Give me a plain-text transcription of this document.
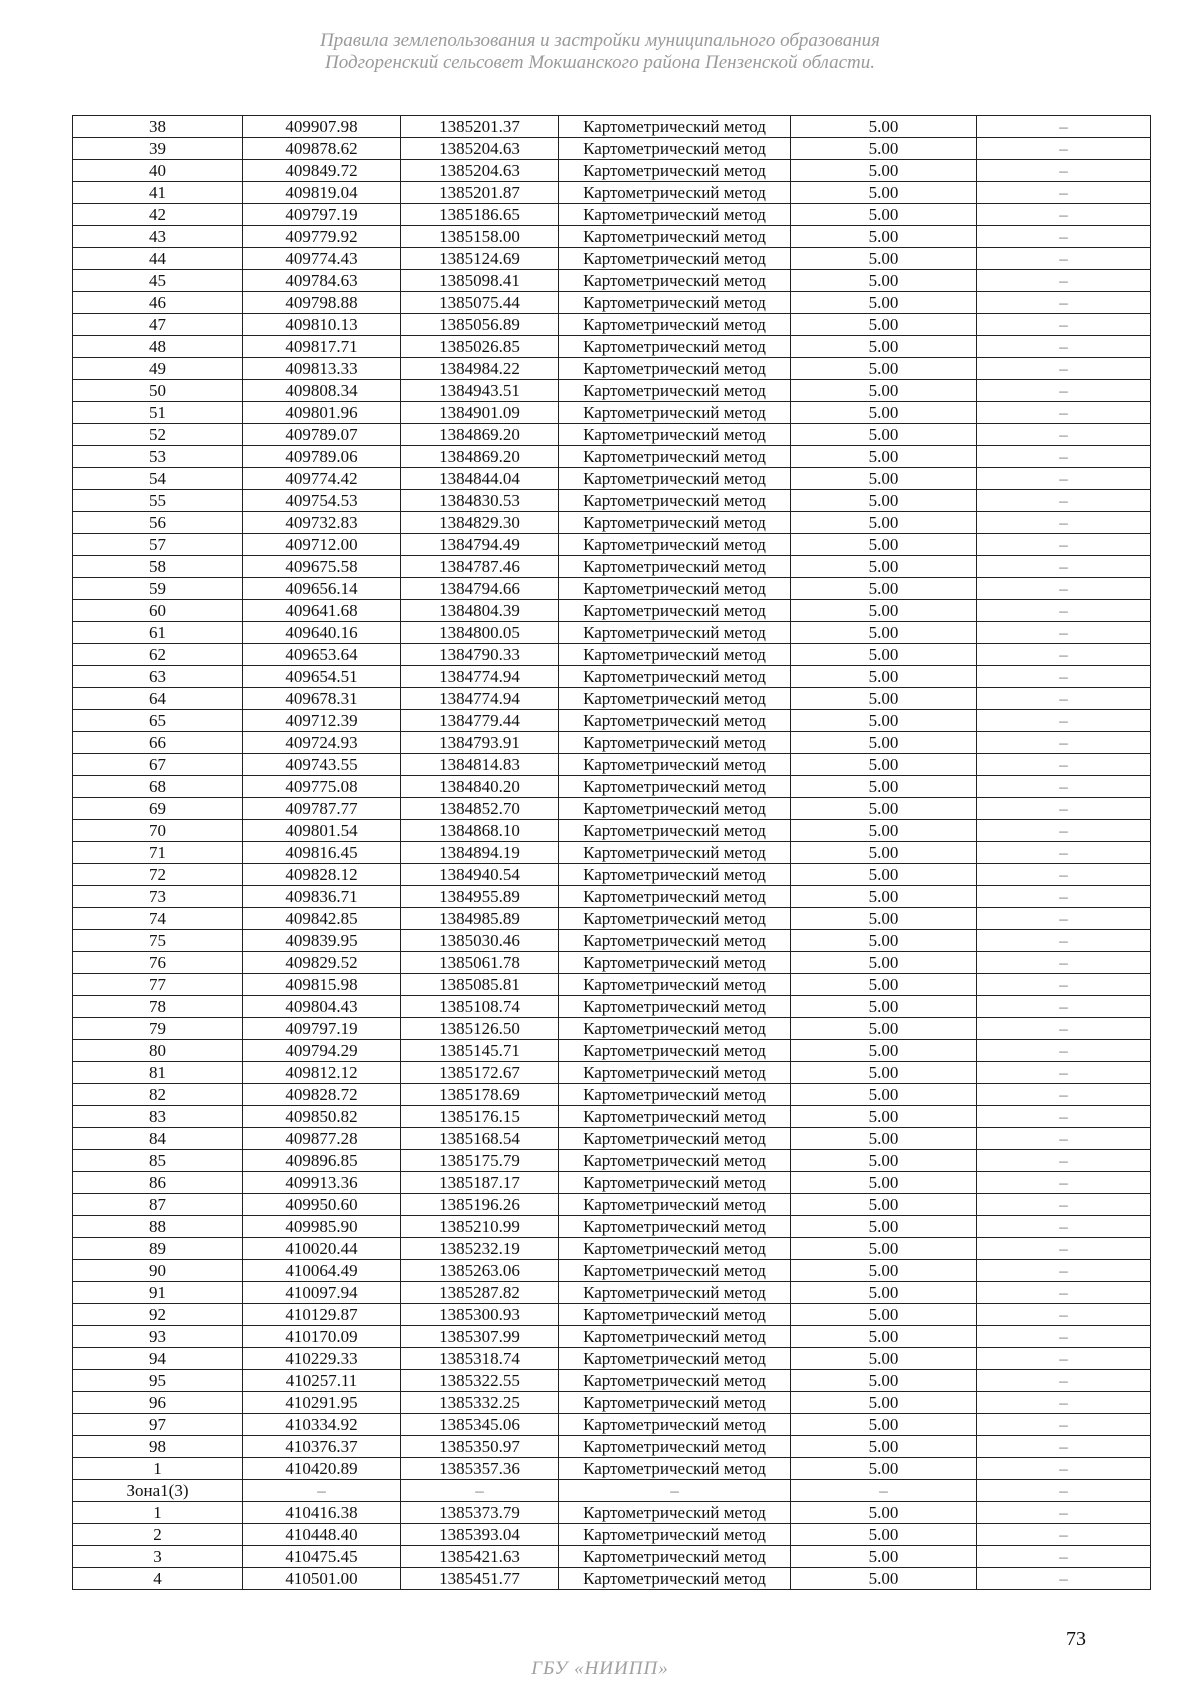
Правила землепользования и застройки муниципального образования
Подгоренский сельсовет Мокшанского района Пензенской области.
38	409907.98	1385201.37	Картометрический метод	5.00	–
39	409878.62	1385204.63	Картометрический метод	5.00	–
40	409849.72	1385204.63	Картометрический метод	5.00	–
41	409819.04	1385201.87	Картометрический метод	5.00	–
42	409797.19	1385186.65	Картометрический метод	5.00	–
43	409779.92	1385158.00	Картометрический метод	5.00	–
44	409774.43	1385124.69	Картометрический метод	5.00	–
45	409784.63	1385098.41	Картометрический метод	5.00	–
46	409798.88	1385075.44	Картометрический метод	5.00	–
47	409810.13	1385056.89	Картометрический метод	5.00	–
48	409817.71	1385026.85	Картометрический метод	5.00	–
49	409813.33	1384984.22	Картометрический метод	5.00	–
50	409808.34	1384943.51	Картометрический метод	5.00	–
51	409801.96	1384901.09	Картометрический метод	5.00	–
52	409789.07	1384869.20	Картометрический метод	5.00	–
53	409789.06	1384869.20	Картометрический метод	5.00	–
54	409774.42	1384844.04	Картометрический метод	5.00	–
55	409754.53	1384830.53	Картометрический метод	5.00	–
56	409732.83	1384829.30	Картометрический метод	5.00	–
57	409712.00	1384794.49	Картометрический метод	5.00	–
58	409675.58	1384787.46	Картометрический метод	5.00	–
59	409656.14	1384794.66	Картометрический метод	5.00	–
60	409641.68	1384804.39	Картометрический метод	5.00	–
61	409640.16	1384800.05	Картометрический метод	5.00	–
62	409653.64	1384790.33	Картометрический метод	5.00	–
63	409654.51	1384774.94	Картометрический метод	5.00	–
64	409678.31	1384774.94	Картометрический метод	5.00	–
65	409712.39	1384779.44	Картометрический метод	5.00	–
66	409724.93	1384793.91	Картометрический метод	5.00	–
67	409743.55	1384814.83	Картометрический метод	5.00	–
68	409775.08	1384840.20	Картометрический метод	5.00	–
69	409787.77	1384852.70	Картометрический метод	5.00	–
70	409801.54	1384868.10	Картометрический метод	5.00	–
71	409816.45	1384894.19	Картометрический метод	5.00	–
72	409828.12	1384940.54	Картометрический метод	5.00	–
73	409836.71	1384955.89	Картометрический метод	5.00	–
74	409842.85	1384985.89	Картометрический метод	5.00	–
75	409839.95	1385030.46	Картометрический метод	5.00	–
76	409829.52	1385061.78	Картометрический метод	5.00	–
77	409815.98	1385085.81	Картометрический метод	5.00	–
78	409804.43	1385108.74	Картометрический метод	5.00	–
79	409797.19	1385126.50	Картометрический метод	5.00	–
80	409794.29	1385145.71	Картометрический метод	5.00	–
81	409812.12	1385172.67	Картометрический метод	5.00	–
82	409828.72	1385178.69	Картометрический метод	5.00	–
83	409850.82	1385176.15	Картометрический метод	5.00	–
84	409877.28	1385168.54	Картометрический метод	5.00	–
85	409896.85	1385175.79	Картометрический метод	5.00	–
86	409913.36	1385187.17	Картометрический метод	5.00	–
87	409950.60	1385196.26	Картометрический метод	5.00	–
88	409985.90	1385210.99	Картометрический метод	5.00	–
89	410020.44	1385232.19	Картометрический метод	5.00	–
90	410064.49	1385263.06	Картометрический метод	5.00	–
91	410097.94	1385287.82	Картометрический метод	5.00	–
92	410129.87	1385300.93	Картометрический метод	5.00	–
93	410170.09	1385307.99	Картометрический метод	5.00	–
94	410229.33	1385318.74	Картометрический метод	5.00	–
95	410257.11	1385322.55	Картометрический метод	5.00	–
96	410291.95	1385332.25	Картометрический метод	5.00	–
97	410334.92	1385345.06	Картометрический метод	5.00	–
98	410376.37	1385350.97	Картометрический метод	5.00	–
1	410420.89	1385357.36	Картометрический метод	5.00	–
Зона1(3)	–	–	–	–	–
1	410416.38	1385373.79	Картометрический метод	5.00	–
2	410448.40	1385393.04	Картометрический метод	5.00	–
3	410475.45	1385421.63	Картометрический метод	5.00	–
4	410501.00	1385451.77	Картометрический метод	5.00	–
73
ГБУ «НИИПП»
